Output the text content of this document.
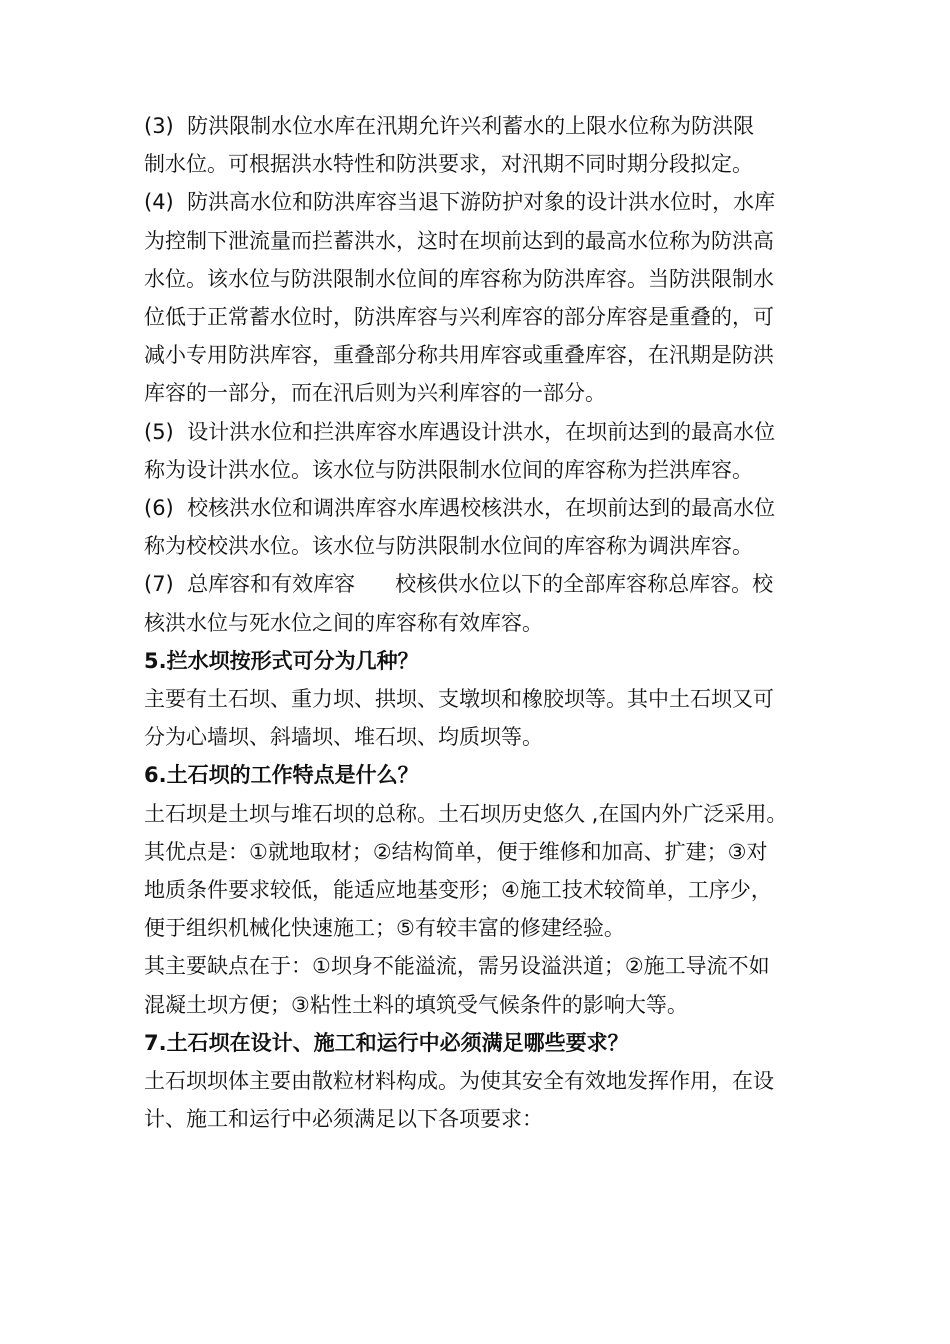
(3)  防洪限制水位水库在汛期允许兴利蓄水的上限水位称为防洪限
制水位。可根据洪水特性和防洪要求，对汛期不同时期分段拟定。

(4)  防洪高水位和防洪库容当退下游防护对象的设计洪水位时，水库
为控制下泄流量而拦蓄洪水，这时在坝前达到的最高水位称为防洪高
水位。该水位与防洪限制水位间的库容称为防洪库容。当防洪限制水
位低于正常蓄水位时，防洪库容与兴利库容的部分库容是重叠的，可
减小专用防洪库容，重叠部分称共用库容或重叠库容，在汛期是防洪
库容的一部分，而在汛后则为兴利库容的一部分。

(5)  设计洪水位和拦洪库容水库遇设计洪水，在坝前达到的最高水位
称为设计洪水位。该水位与防洪限制水位间的库容称为拦洪库容。

(6)  校核洪水位和调洪库容水库遇校核洪水，在坝前达到的最高水位
称为校校洪水位。该水位与防洪限制水位间的库容称为调洪库容。

(7)  总库容和有效库容      校核供水位以下的全部库容称总库容。校
核洪水位与死水位之间的库容称有效库容。

5.拦水坝按形式可分为几种？

主要有土石坝、重力坝、拱坝、支墩坝和橡胶坝等。其中土石坝又可
分为心墙坝、斜墙坝、堆石坝、均质坝等。

6.土石坝的工作特点是什么？

土石坝是土坝与堆石坝的总称。土石坝历史悠久 ,在国内外广泛采用。
其优点是：①就地取材；②结构简单，便于维修和加高、扩建；③对
地质条件要求较低，能适应地基变形；④施工技术较简单，工序少，
便于组织机械化快速施工；⑤有较丰富的修建经验。

其主要缺点在于：①坝身不能溢流，需另设溢洪道；②施工导流不如
混凝土坝方便；③粘性土料的填筑受气候条件的影响大等。

7.土石坝在设计、施工和运行中必须满足哪些要求？

土石坝坝体主要由散粒材料构成。为使其安全有效地发挥作用，在设
计、施工和运行中必须满足以下各项要求：
